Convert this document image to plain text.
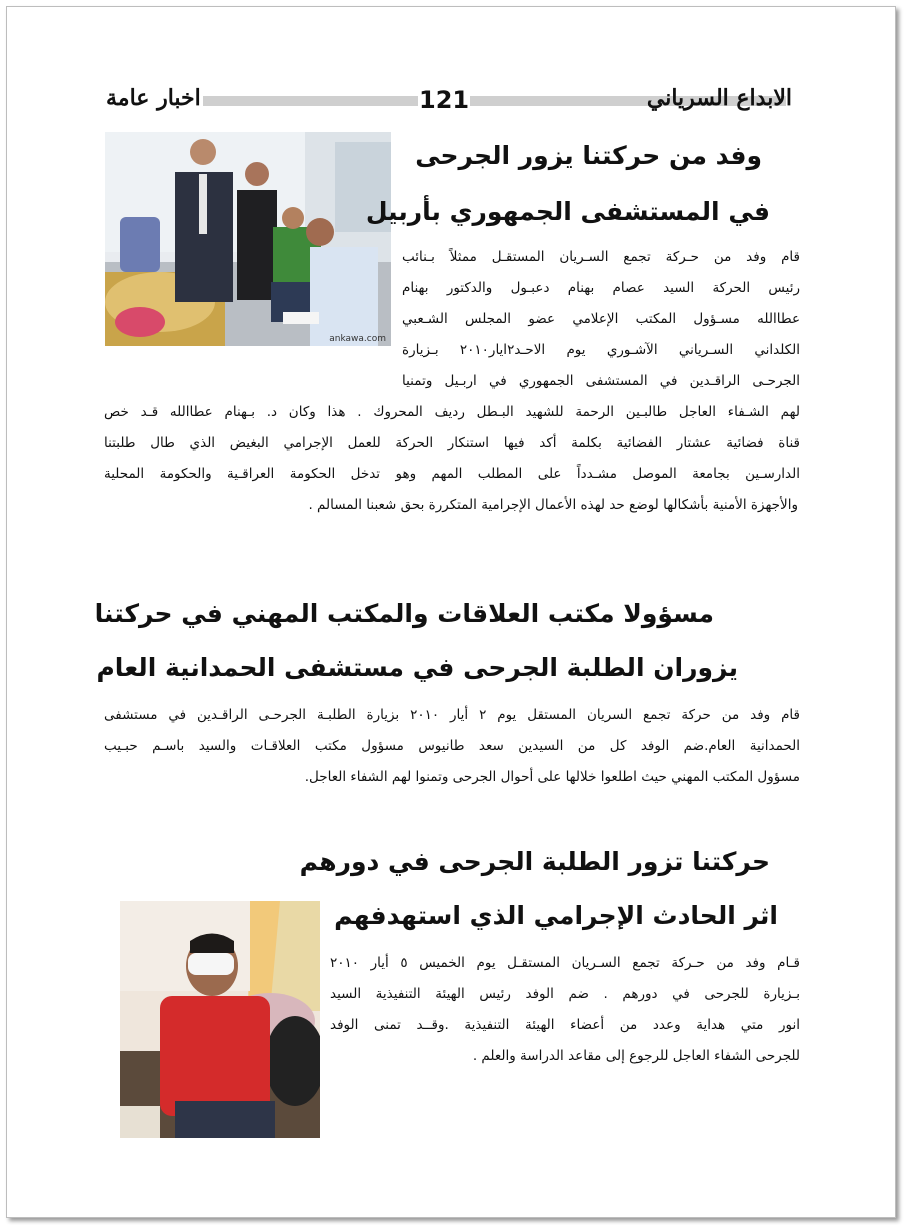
الابداع السرياني
اخبار عامة	121
ankawa.com
وفد من حركتنا يزور الجرحى
في المستشفى الجمهوري بأربيل

قام وفد من حـركة تجمع السـريان المستقـل ممثلاً بـنائب

رئيس الحركة السيد عصام بهنام دعبـول والدكتور بهنام

عطاالله مسـؤول المكتب الإعلامي عضو المجلس الشـعبي

الكلداني السـرياني الآشـوري يوم الاحـد٢ايار٢٠١٠ بـزيارة

الجرحـى الراقـدين في المستشفى الجمهوري في اربـيل وتمنيا

لهم الشـفاء العاجل طالبـين الرحمة للشهيد البـطل رديف المحروك . هذا وكان د. بـهنام عطاالله قـد خص

قناة فضائية عشتار الفضائية بكلمة أكد فيها استنكار الحركة للعمل الإجرامي البغيض الذي طال طلبتنا

الدارسـين بجامعة الموصل مشـدداً على المطلب المهم وهو تدخل الحكومة العراقـية والحكومة المحلية

والأجهزة الأمنية بأشكالها لوضع حد لهذه الأعمال الإجرامية المتكررة بحق شعبنا المسالم .

مسؤولا مكتب العلاقات والمكتب المهني في حركتنا
يزوران الطلبة الجرحى في مستشفى الحمدانية العام

قام وفد من حركة تجمع السريان المستقل يوم ٢ أيار ٢٠١٠ بزيارة الطلبـة الجرحـى الراقـدين في مستشفى

الحمدانية العام.ضم الوفد كل من السيدين سعد طانيوس مسؤول مكتب العلاقـات والسيد باسـم حبـيب

مسؤول المكتب المهني حيث اطلعوا خلالها على أحوال الجرحى وتمنوا لهم الشفاء العاجل.

حركتنا تزور الطلبة الجرحى في دورهم
اثر الحادث الإجرامي الذي استهدفهم

قـام وفد من حـركة تجمع السـريان المستقـل يوم الخميس ٥ أيار ٢٠١٠

بـزيارة للجرحى في دورهم . ضم الوفد رئيس الهيئة التنفيذية السيد

انور متي هداية وعدد من أعضاء الهيئة التنفيذية .وقــد تمنى الوفد

للجرحى الشفاء العاجل للرجوع إلى مقاعد الدراسة والعلم .
